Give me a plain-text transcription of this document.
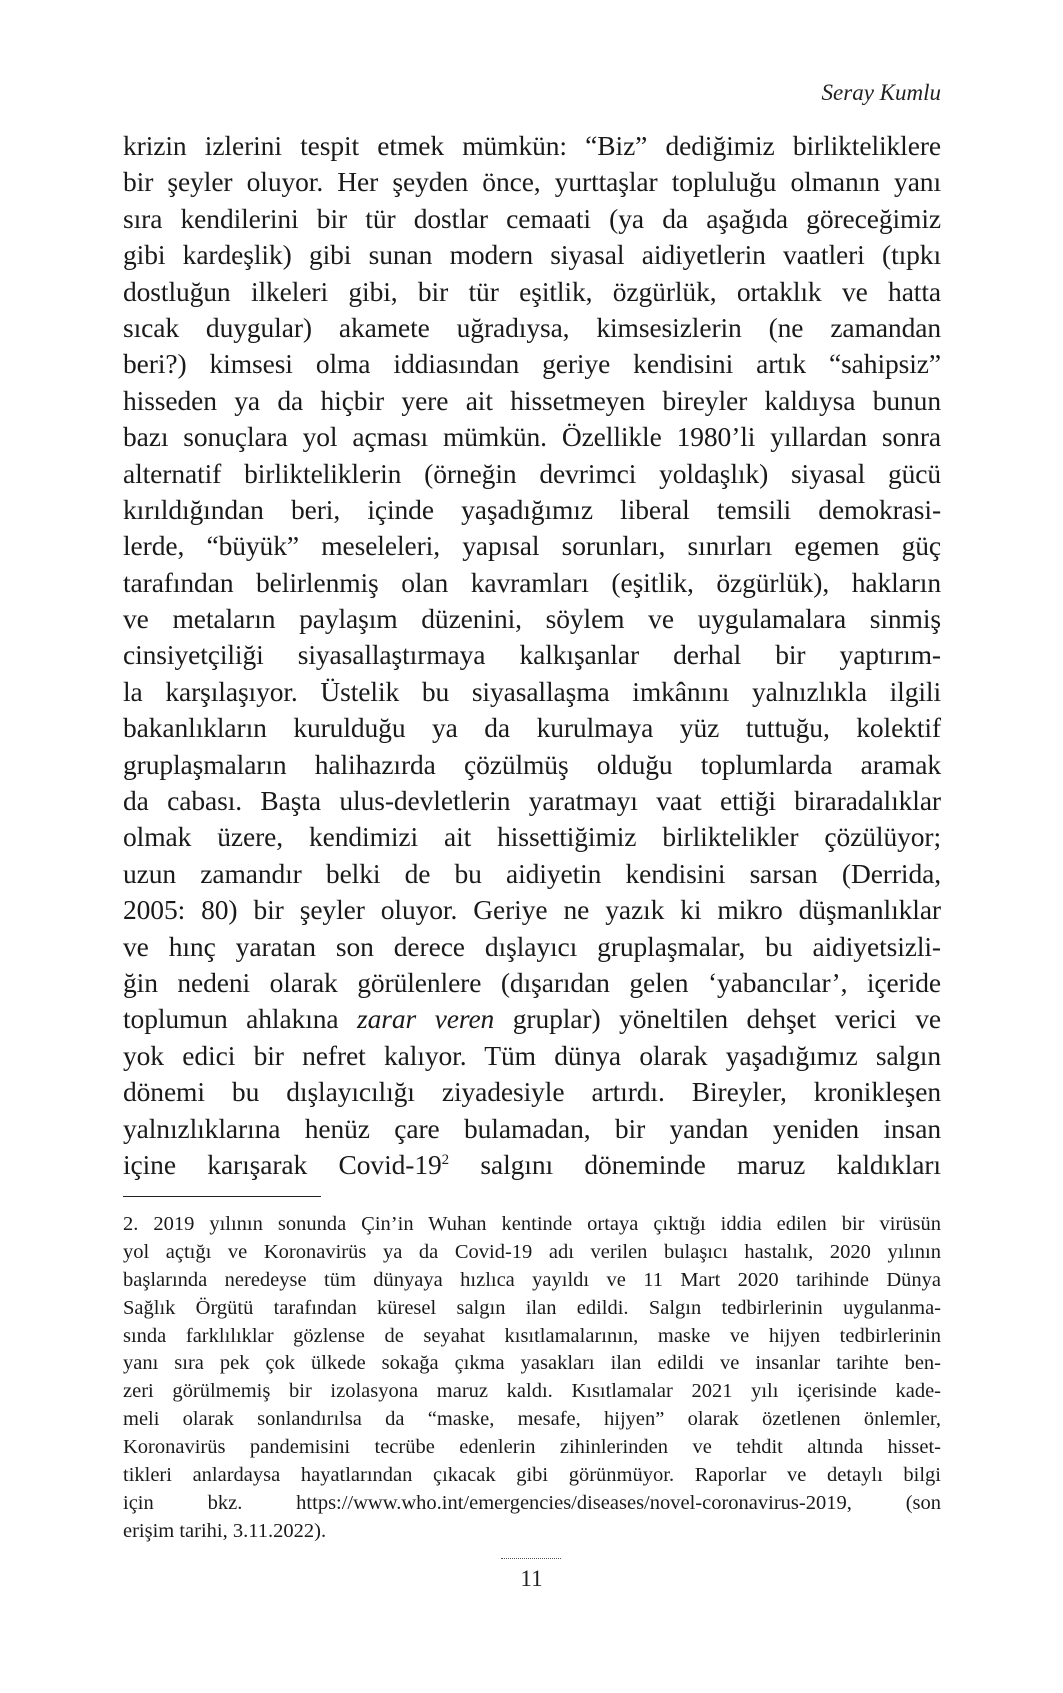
Seray Kumlu
krizin izlerini tespit etmek mümkün: “Biz” dediğimiz birlikteliklere
bir şeyler oluyor. Her şeyden önce, yurttaşlar topluluğu olmanın yanı
sıra kendilerini bir tür dostlar cemaati (ya da aşağıda göreceğimiz
gibi kardeşlik) gibi sunan modern siyasal aidiyetlerin vaatleri (tıpkı
dostluğun ilkeleri gibi, bir tür eşitlik, özgürlük, ortaklık ve hatta
sıcak duygular) akamete uğradıysa, kimsesizlerin (ne zamandan
beri?) kimsesi olma iddiasından geriye kendisini artık “sahipsiz”
hisseden ya da hiçbir yere ait hissetmeyen bireyler kaldıysa bunun
bazı sonuçlara yol açması mümkün. Özellikle 1980’li yıllardan sonra
alternatif birlikteliklerin (örneğin devrimci yoldaşlık) siyasal gücü
kırıldığından beri, içinde yaşadığımız liberal temsili demokrasi-
lerde, “büyük” meseleleri, yapısal sorunları, sınırları egemen güç
tarafından belirlenmiş olan kavramları (eşitlik, özgürlük), hakların
ve metaların paylaşım düzenini, söylem ve uygulamalara sinmiş
cinsiyetçiliği siyasallaştırmaya kalkışanlar derhal bir yaptırım-
la karşılaşıyor. Üstelik bu siyasallaşma imkânını yalnızlıkla ilgili
bakanlıkların kurulduğu ya da kurulmaya yüz tuttuğu, kolektif
gruplaşmaların halihazırda çözülmüş olduğu toplumlarda aramak
da cabası. Başta ulus-devletlerin yaratmayı vaat ettiği biraradalıklar
olmak üzere, kendimizi ait hissettiğimiz birliktelikler çözülüyor;
uzun zamandır belki de bu aidiyetin kendisini sarsan (Derrida,
2005: 80) bir şeyler oluyor. Geriye ne yazık ki mikro düşmanlıklar
ve hınç yaratan son derece dışlayıcı gruplaşmalar, bu aidiyetsizli-
ğin nedeni olarak görülenlere (dışarıdan gelen ‘yabancılar’, içeride
toplumun ahlakına zarar veren gruplar) yöneltilen dehşet verici ve
yok edici bir nefret kalıyor. Tüm dünya olarak yaşadığımız salgın
dönemi bu dışlayıcılığı ziyadesiyle artırdı. Bireyler, kronikleşen
yalnızlıklarına henüz çare bulamadan, bir yandan yeniden insan
içine karışarak Covid-$19^2$ salgını döneminde maruz kaldıkları
2. 2019 yılının sonunda Çin’in Wuhan kentinde ortaya çıktığı iddia edilen bir virüsün
yol açtığı ve Koronavirüs ya da Covid-19 adı verilen bulaşıcı hastalık, 2020 yılının
başlarında neredeyse tüm dünyaya hızlıca yayıldı ve 11 Mart 2020 tarihinde Dünya
Sağlık Örgütü tarafından küresel salgın ilan edildi. Salgın tedbirlerinin uygulanma-
sında farklılıklar gözlense de seyahat kısıtlamalarının, maske ve hijyen tedbirlerinin
yanı sıra pek çok ülkede sokağa çıkma yasakları ilan edildi ve insanlar tarihte ben-
zeri görülmemiş bir izolasyona maruz kaldı. Kısıtlamalar 2021 yılı içerisinde kade-
meli olarak sonlandırılsa da “maske, mesafe, hijyen” olarak özetlenen önlemler,
Koronavirüs pandemisini tecrübe edenlerin zihinlerinden ve tehdit altında hisset-
tikleri anlardaysa hayatlarından çıkacak gibi görünmüyor. Raporlar ve detaylı bilgi
için bkz. https://www.who.int/emergencies/diseases/novel-coronavirus-2019, (son
erişim tarihi, 3.11.2022).
11
